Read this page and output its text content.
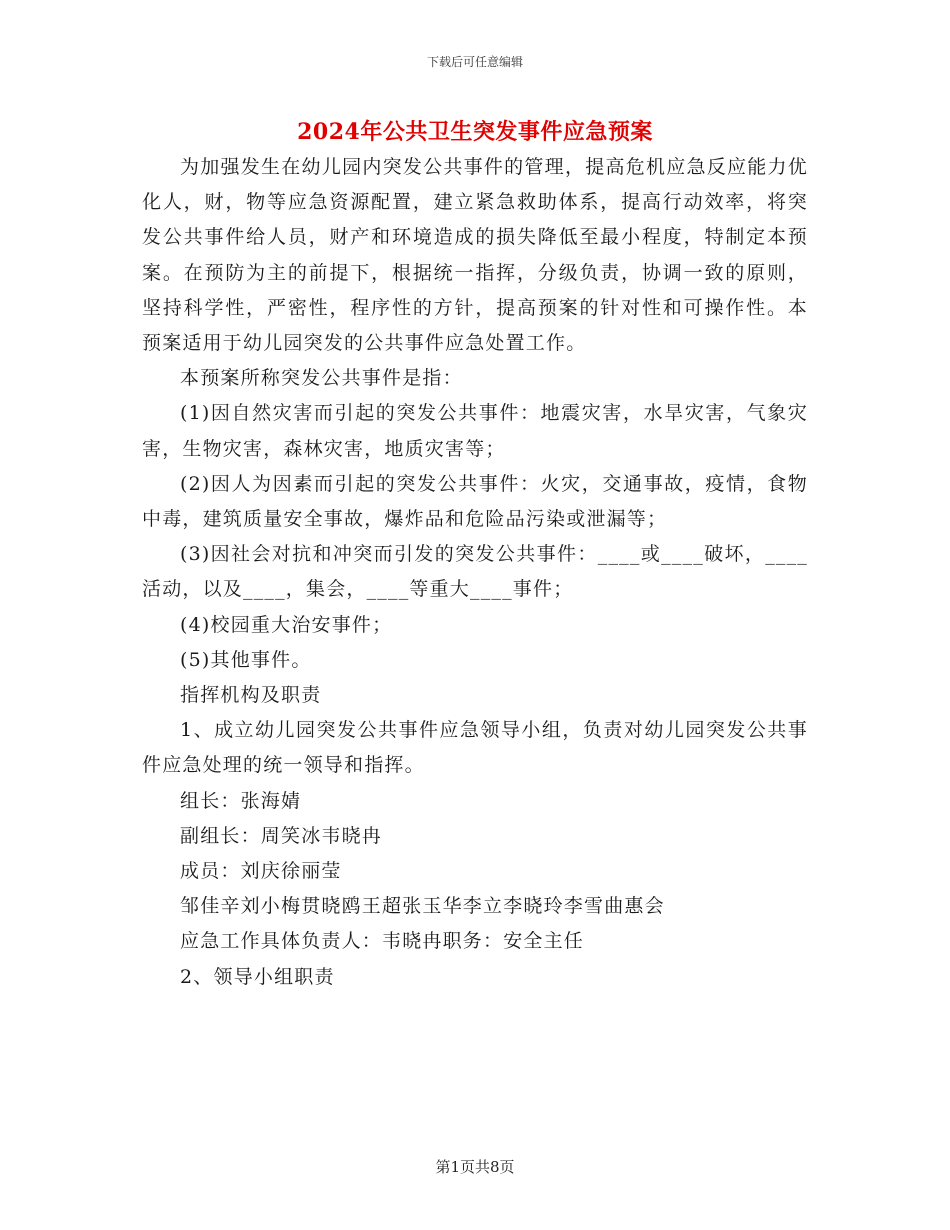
下载后可任意编辑
2024年公共卫生突发事件应急预案

为加强发生在幼儿园内突发公共事件的管理，提高危机应急反应能力优化人，财，物等应急资源配置，建立紧急救助体系，提高行动效率，将突发公共事件给人员，财产和环境造成的损失降低至最小程度，特制定本预案。在预防为主的前提下，根据统一指挥，分级负责，协调一致的原则，坚持科学性，严密性，程序性的方针，提高预案的针对性和可操作性。本预案适用于幼儿园突发的公共事件应急处置工作。

本预案所称突发公共事件是指：

(1)因自然灾害而引起的突发公共事件：地震灾害，水旱灾害，气象灾害，生物灾害，森林灾害，地质灾害等；

(2)因人为因素而引起的突发公共事件：火灾，交通事故，疫情，食物中毒，建筑质量安全事故，爆炸品和危险品污染或泄漏等；

(3)因社会对抗和冲突而引发的突发公共事件：____或____破坏，____活动，以及____，集会，____等重大____事件；

(4)校园重大治安事件；

(5)其他事件。

指挥机构及职责

1、成立幼儿园突发公共事件应急领导小组，负责对幼儿园突发公共事件应急处理的统一领导和指挥。

组长：张海婧

副组长：周笑冰韦晓冉

成员：刘庆徐丽莹

邹佳辛刘小梅贯晓鸥王超张玉华李立李晓玲李雪曲惠会

应急工作具体负责人：韦晓冉职务：安全主任

2、领导小组职责

第1页共8页
